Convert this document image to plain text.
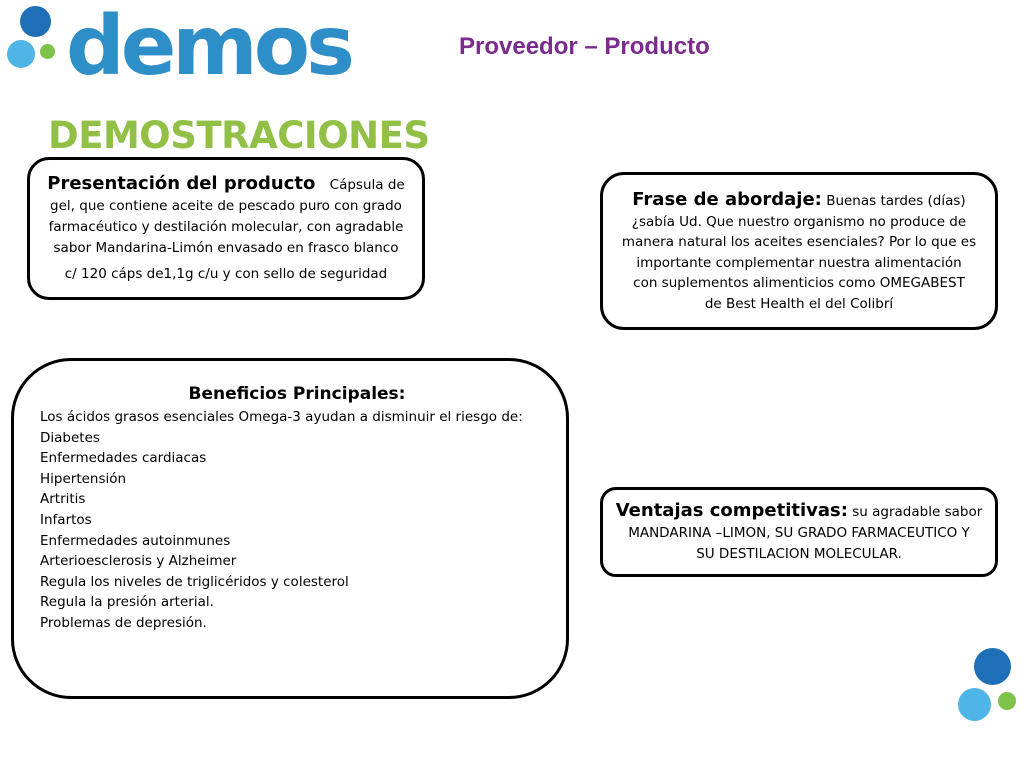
demos	Proveedor – Producto
DEMOSTRACIONES
Presentación del producto Cápsula de
gel, que contiene aceite de pescado puro con grado
farmacéutico y destilación molecular, con agradable
sabor Mandarina-Limón envasado en frasco blanco
c/ 120 cáps de1,1g c/u y con sello de seguridad
Frase de abordaje: Buenas tardes (días)
¿sabía Ud. Que nuestro organismo no produce de
manera natural los aceites esenciales? Por lo que es
importante complementar nuestra alimentación
con suplementos alimenticios como OMEGABEST
de Best Health el del Colibrí
Beneficios Principales:
Los ácidos grasos esenciales Omega-3 ayudan a disminuir el riesgo de:
Diabetes
Enfermedades cardiacas
Hipertensión
Artritis
Infartos
Enfermedades autoinmunes
Arterioesclerosis y Alzheimer
Regula los niveles de triglicéridos y colesterol
Regula la presión arterial.
Problemas de depresión.
Ventajas competitivas: su agradable sabor
MANDARINA –LIMON, SU GRADO FARMACEUTICO Y
SU DESTILACION MOLECULAR.
